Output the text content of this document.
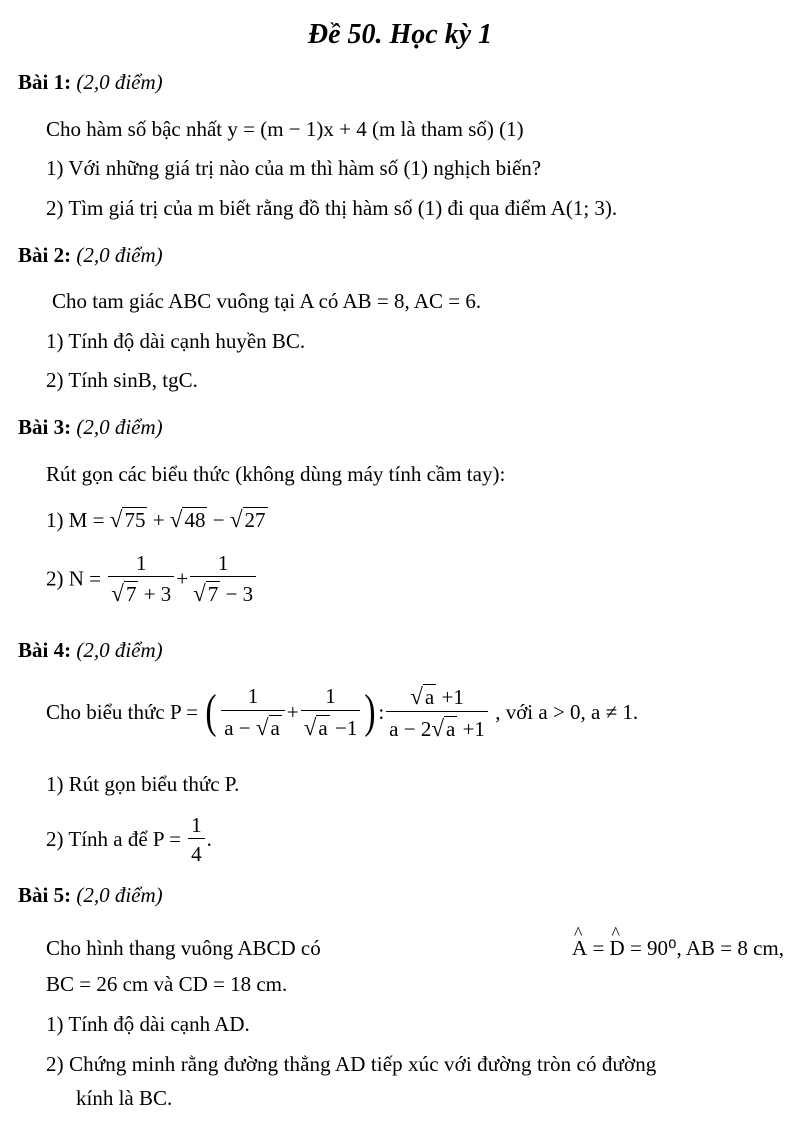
Đề 50. Học kỳ 1
Bài 1: (2,0 điểm)
Cho hàm số bậc nhất y = (m − 1)x + 4 (m là tham số) (1)
1) Với những giá trị nào của m thì hàm số (1) nghịch biến?
2) Tìm giá trị của m biết rằng đồ thị hàm số (1) đi qua điểm A(1; 3).
Bài 2: (2,0 điểm)
Cho tam giác ABC vuông tại A có AB = 8, AC = 6.
1) Tính độ dài cạnh huyền BC.
2) Tính sinB, tgC.
Bài 3: (2,0 điểm)
Rút gọn các biểu thức (không dùng máy tính cầm tay):
1) M = √75 + √48 − √27
2) $N = \frac{1}{√7 + 3} + \frac{1}{√7 - 3}$
Bài 4: (2,0 điểm)
Cho biểu thức P = ( $\frac{1}{a - √a} + \frac{1}{√a -1}$ ) : $\frac{√a +1}{a - 2√a +1}$ , với a > 0, a ≠ 1.
1) Rút gọn biểu thức P.
2) Tính a để $P = \frac{1}{4}$ .
Bài 5: (2,0 điểm)
Cho hình thang vuông ABCD có
^	A = ^ D = 90⁰, AB = 8 cm,
BC = 26 cm và CD = 18 cm.
1) Tính độ dài cạnh AD.
2) Chứng minh rằng đường thẳng AD tiếp xúc với đường tròn có đường
kính là BC.
